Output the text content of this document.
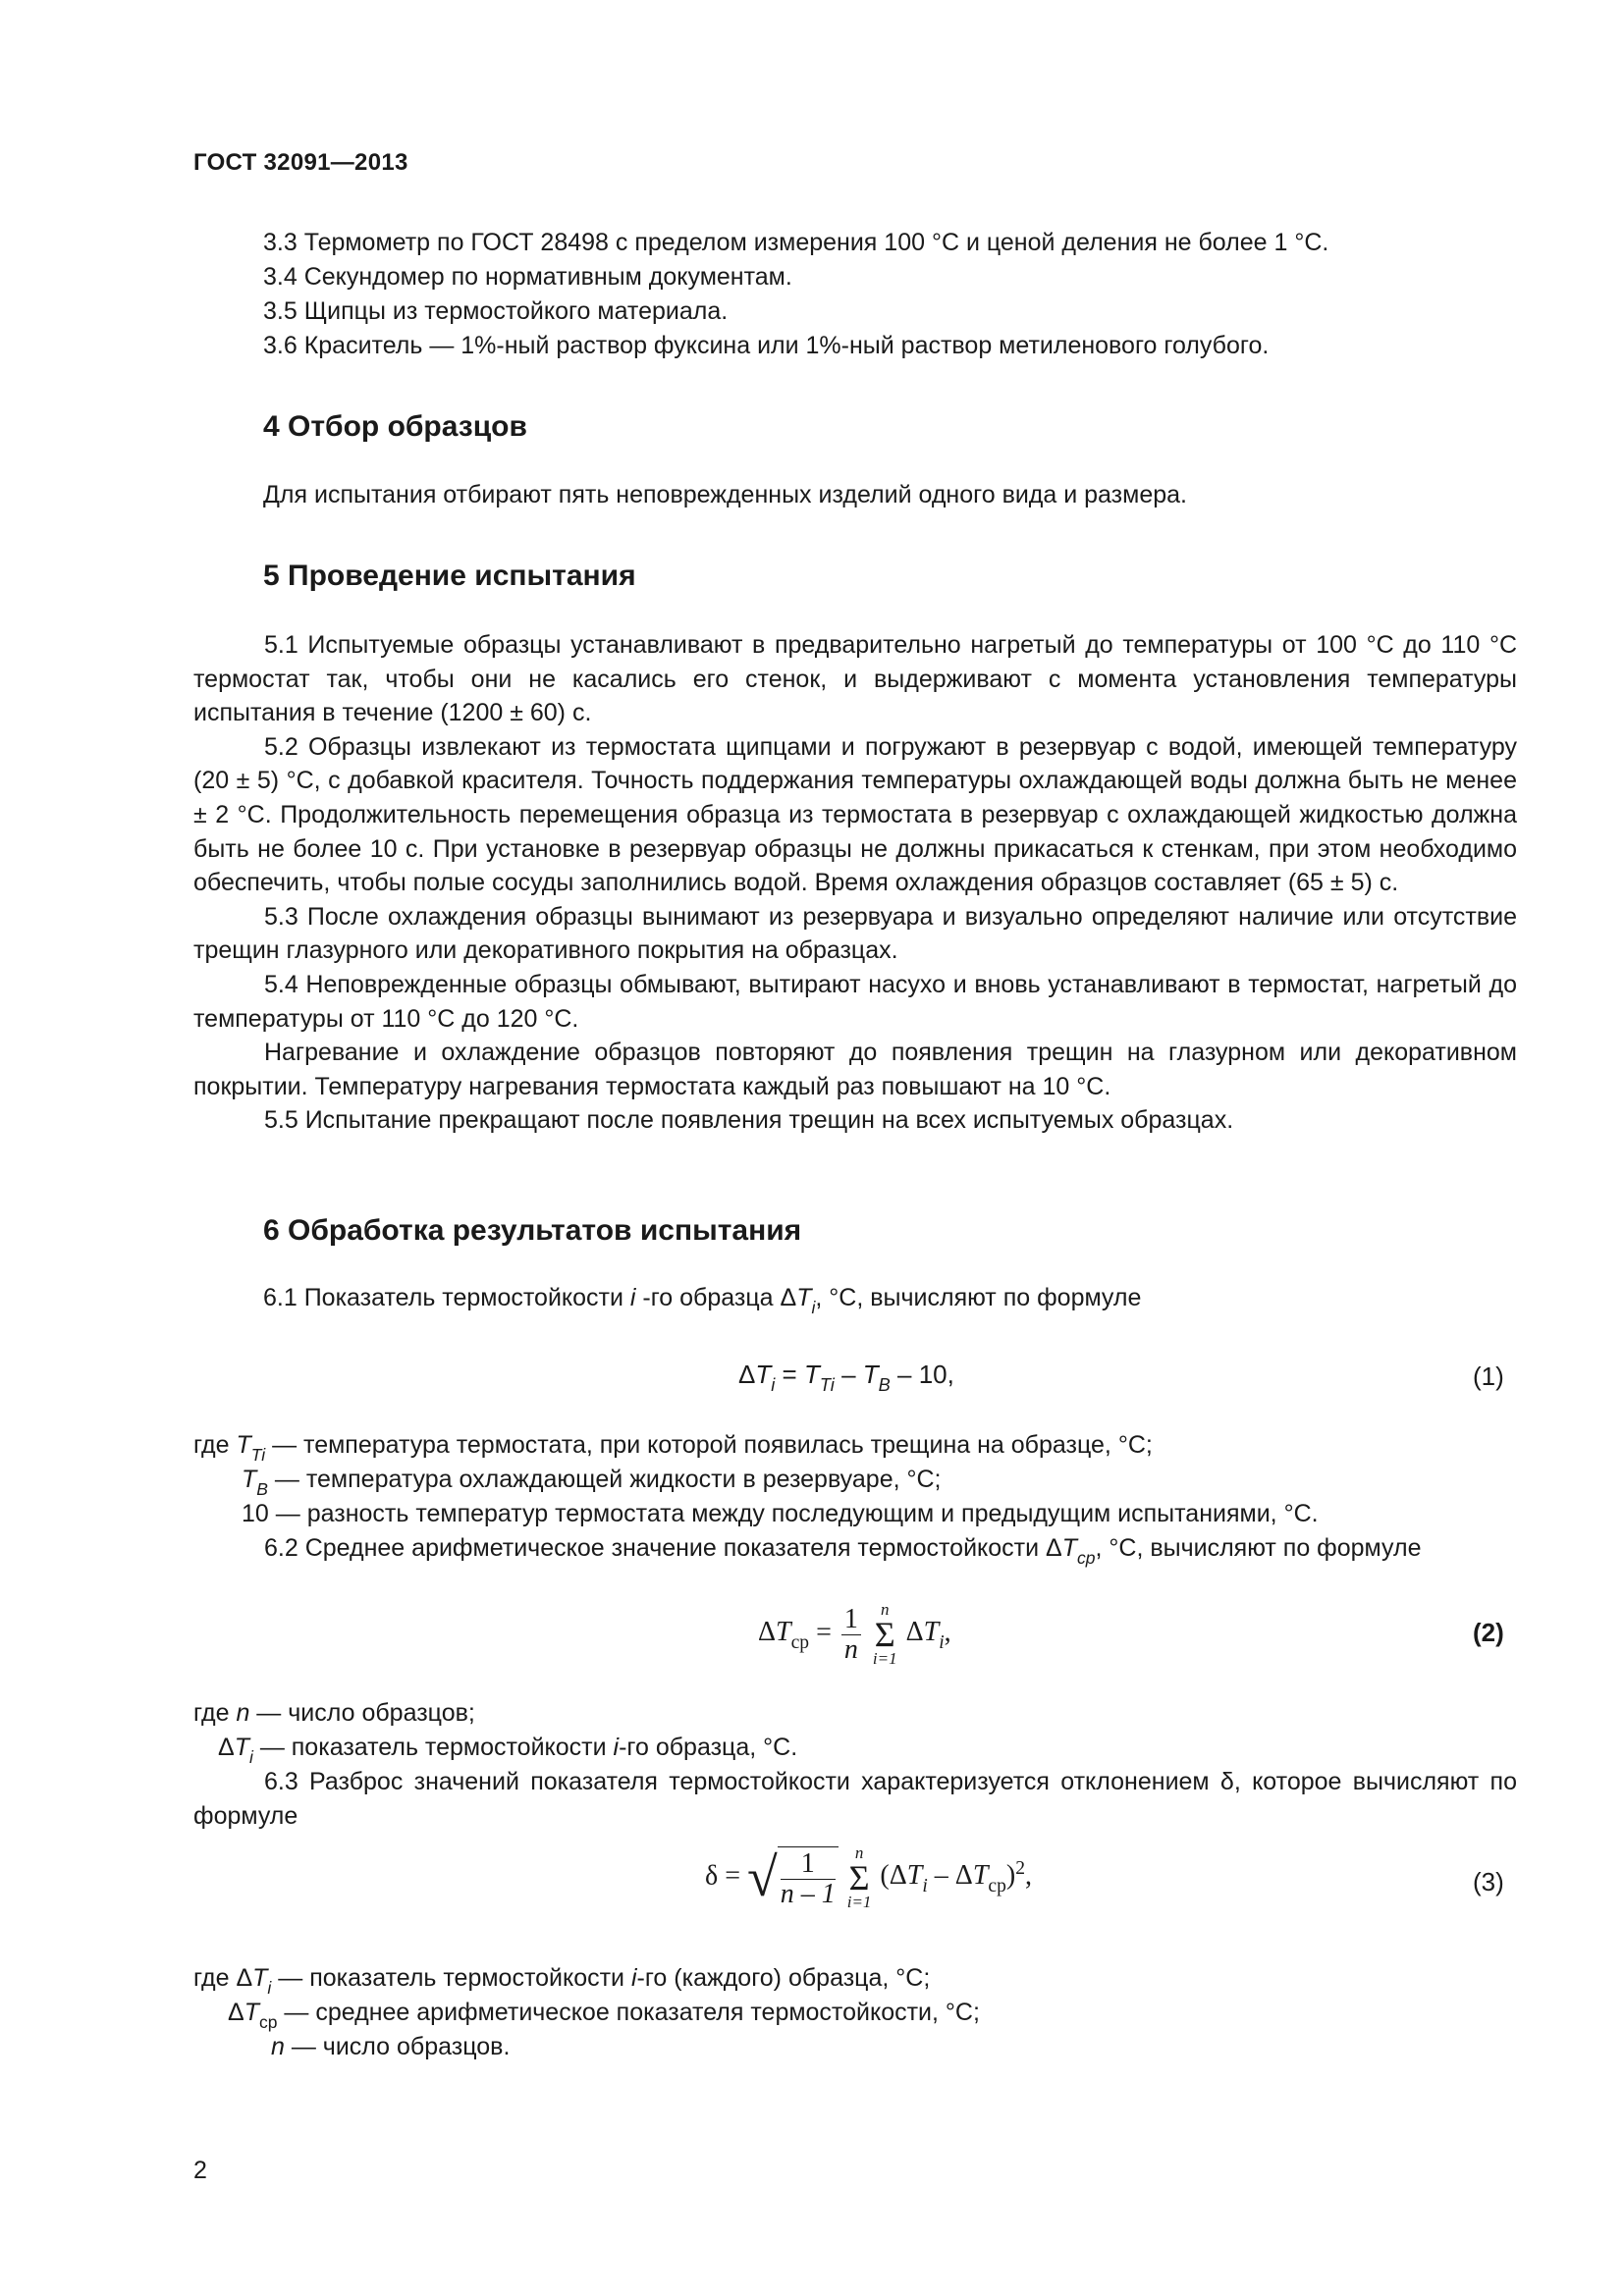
ГОСТ 32091—2013
3.3 Термометр по ГОСТ 28498 с пределом измерения 100 °С и ценой деления не более 1 °С.
3.4 Секундомер по нормативным документам.
3.5 Щипцы из термостойкого материала.
3.6 Краситель — 1%-ный раствор фуксина или 1%-ный раствор метиленового голубого.
4 Отбор образцов
Для испытания отбирают пять неповрежденных изделий одного вида и размера.
5 Проведение испытания

5.1 Испытуемые образцы устанавливают в предварительно нагретый до температуры от 100 °С до 110 °С термостат так, чтобы они не касались его стенок, и выдерживают с момента установления температуры испытания в течение (1200 ± 60) с.

5.2 Образцы извлекают из термостата щипцами и погружают в резервуар с водой, имеющей температуру (20 ± 5) °С, с добавкой красителя. Точность поддержания температуры охлаждающей воды должна быть не менее ± 2 °С. Продолжительность перемещения образца из термостата в резервуар с охлаждающей жидкостью должна быть не более 10 с. При установке в резервуар образцы не должны прикасаться к стенкам, при этом необходимо обеспечить, чтобы полые сосуды заполнились водой. Время охлаждения образцов составляет (65 ± 5) с.

5.3 После охлаждения образцы вынимают из резервуара и визуально определяют наличие или отсутствие трещин глазурного или декоративного покрытия на образцах.

5.4 Неповрежденные образцы обмывают, вытирают насухо и вновь устанавливают в термостат, нагретый до температуры от 110 °С до 120 °С.

Нагревание и охлаждение образцов повторяют до появления трещин на глазурном или декоративном покрытии. Температуру нагревания термостата каждый раз повышают на 10 °С.

5.5 Испытание прекращают после появления трещин на всех испытуемых образцах.

6 Обработка результатов испытания
6.1 Показатель термостойкости i -го образца $\Delta T_i$, °С, вычисляют по формуле
$\Delta T_i = T_{Ti} - T_B - 10$,	(1)
где $T_{Ti}$ — температура термостата, при которой появилась трещина на образце, °С;
$T_B$ — температура охлаждающей жидкости в резервуаре, °С;
10 — разность температур термостата между последующим и предыдущим испытаниями, °С.

6.2 Среднее арифметическое значение показателя термостойкости $\Delta T_{ср}$, °С, вычисляют по формуле

$\Delta T_{ср} = \frac{1}{n}$
	n
Σ
i=1
$\Delta T_i$,	(2)
где n — число образцов;
$\Delta T_i$ — показатель термостойкости i-го образца, °С.

6.3 Разброс значений показателя термостойкости характеризуется отклонением δ, которое вычисляют по формуле

δ = √ $\frac{1}{n - 1}$
	n
Σ
i=1
$(\Delta T_i - \Delta T_{ср})^2$,	(3)
где $\Delta T_i$ — показатель термостойкости i-го (каждого) образца, °С;
$\Delta T_{ср}$ — среднее арифметическое показателя термостойкости, °С;
n — число образцов.
2
